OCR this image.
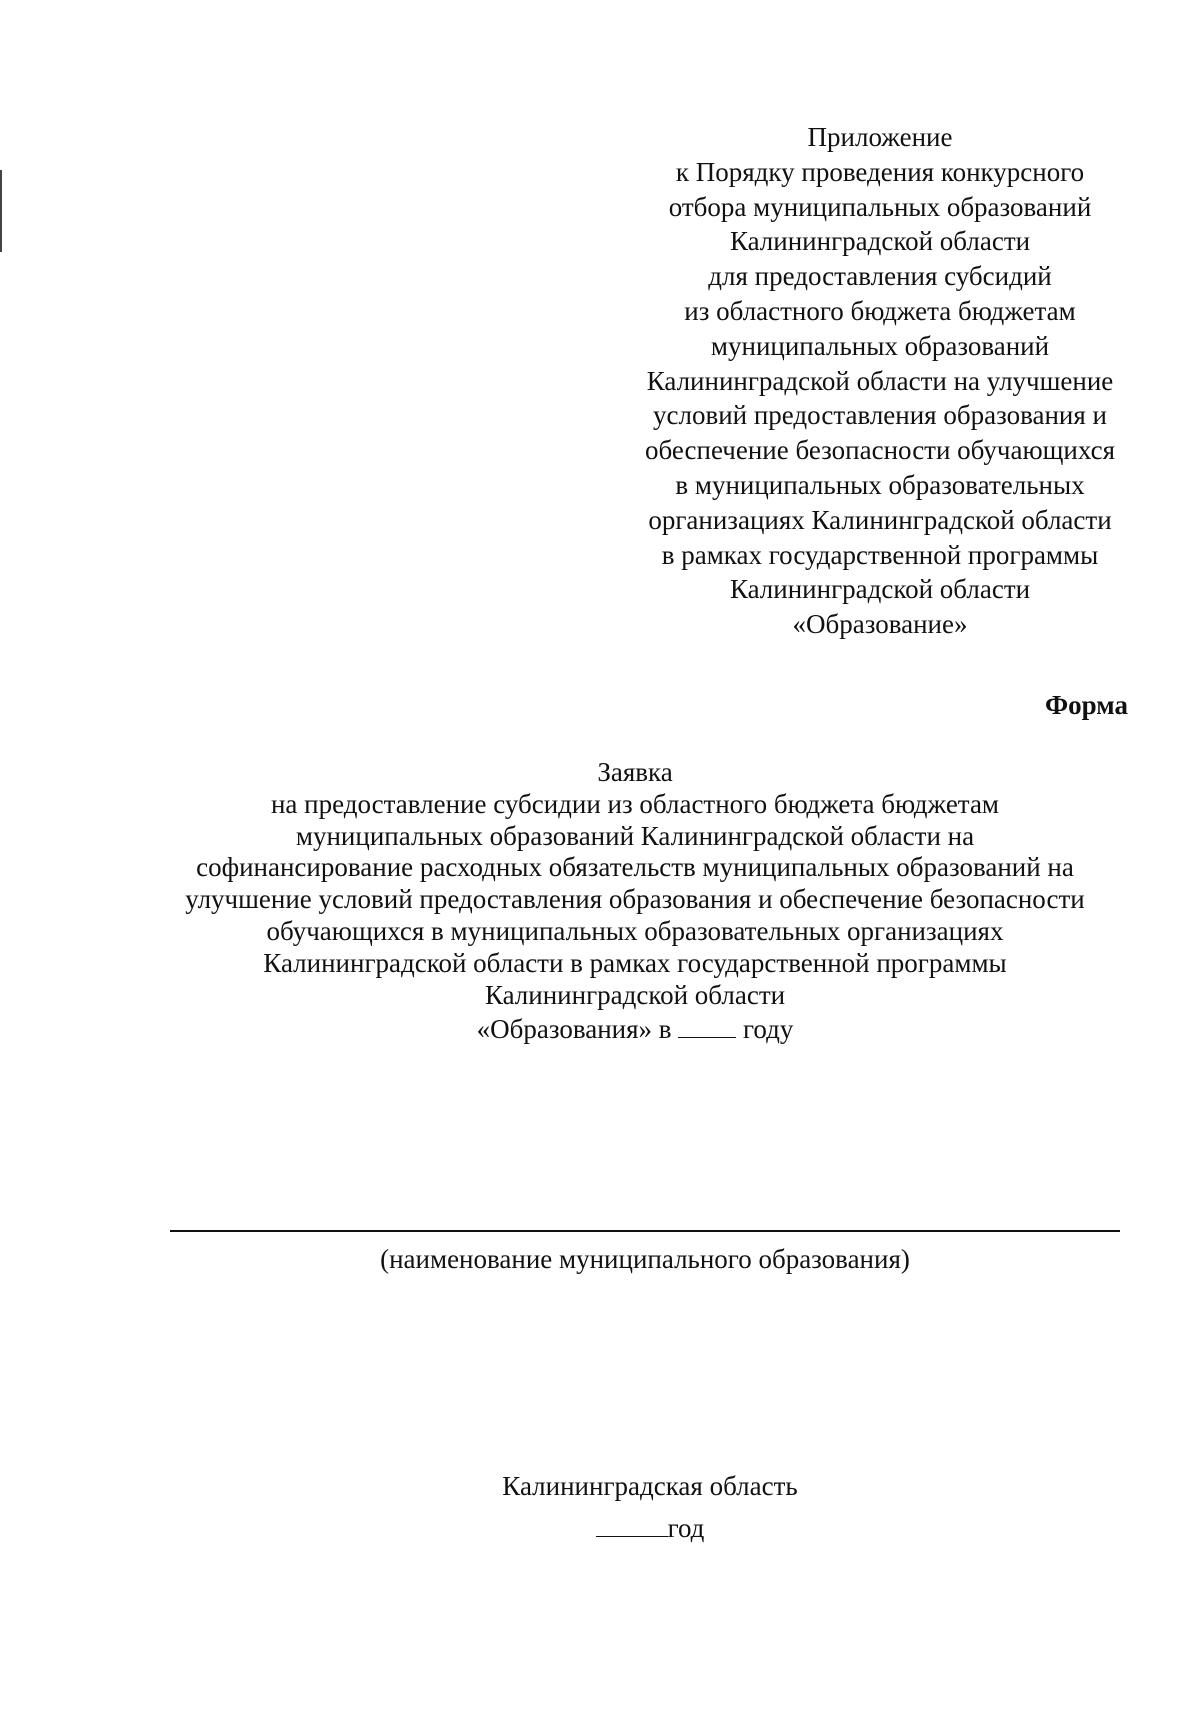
Приложение
к Порядку проведения конкурсного
отбора муниципальных образований
Калининградской области
для предоставления субсидий
из областного бюджета бюджетам
муниципальных образований
Калининградской области на улучшение
условий предоставления образования и
обеспечение безопасности обучающихся
в муниципальных образовательных
организациях Калининградской области
в рамках государственной программы
Калининградской области
«Образование»
Форма
Заявка
на предоставление субсидии из областного бюджета бюджетам
муниципальных образований Калининградской области на
софинансирование расходных обязательств муниципальных образований на
улучшение условий предоставления образования и обеспечение безопасности
обучающихся в муниципальных образовательных организациях
Калининградской области в рамках государственной программы
Калининградской области
«Образования» в	году
(наименование муниципального образования)
Калининградская область
год
